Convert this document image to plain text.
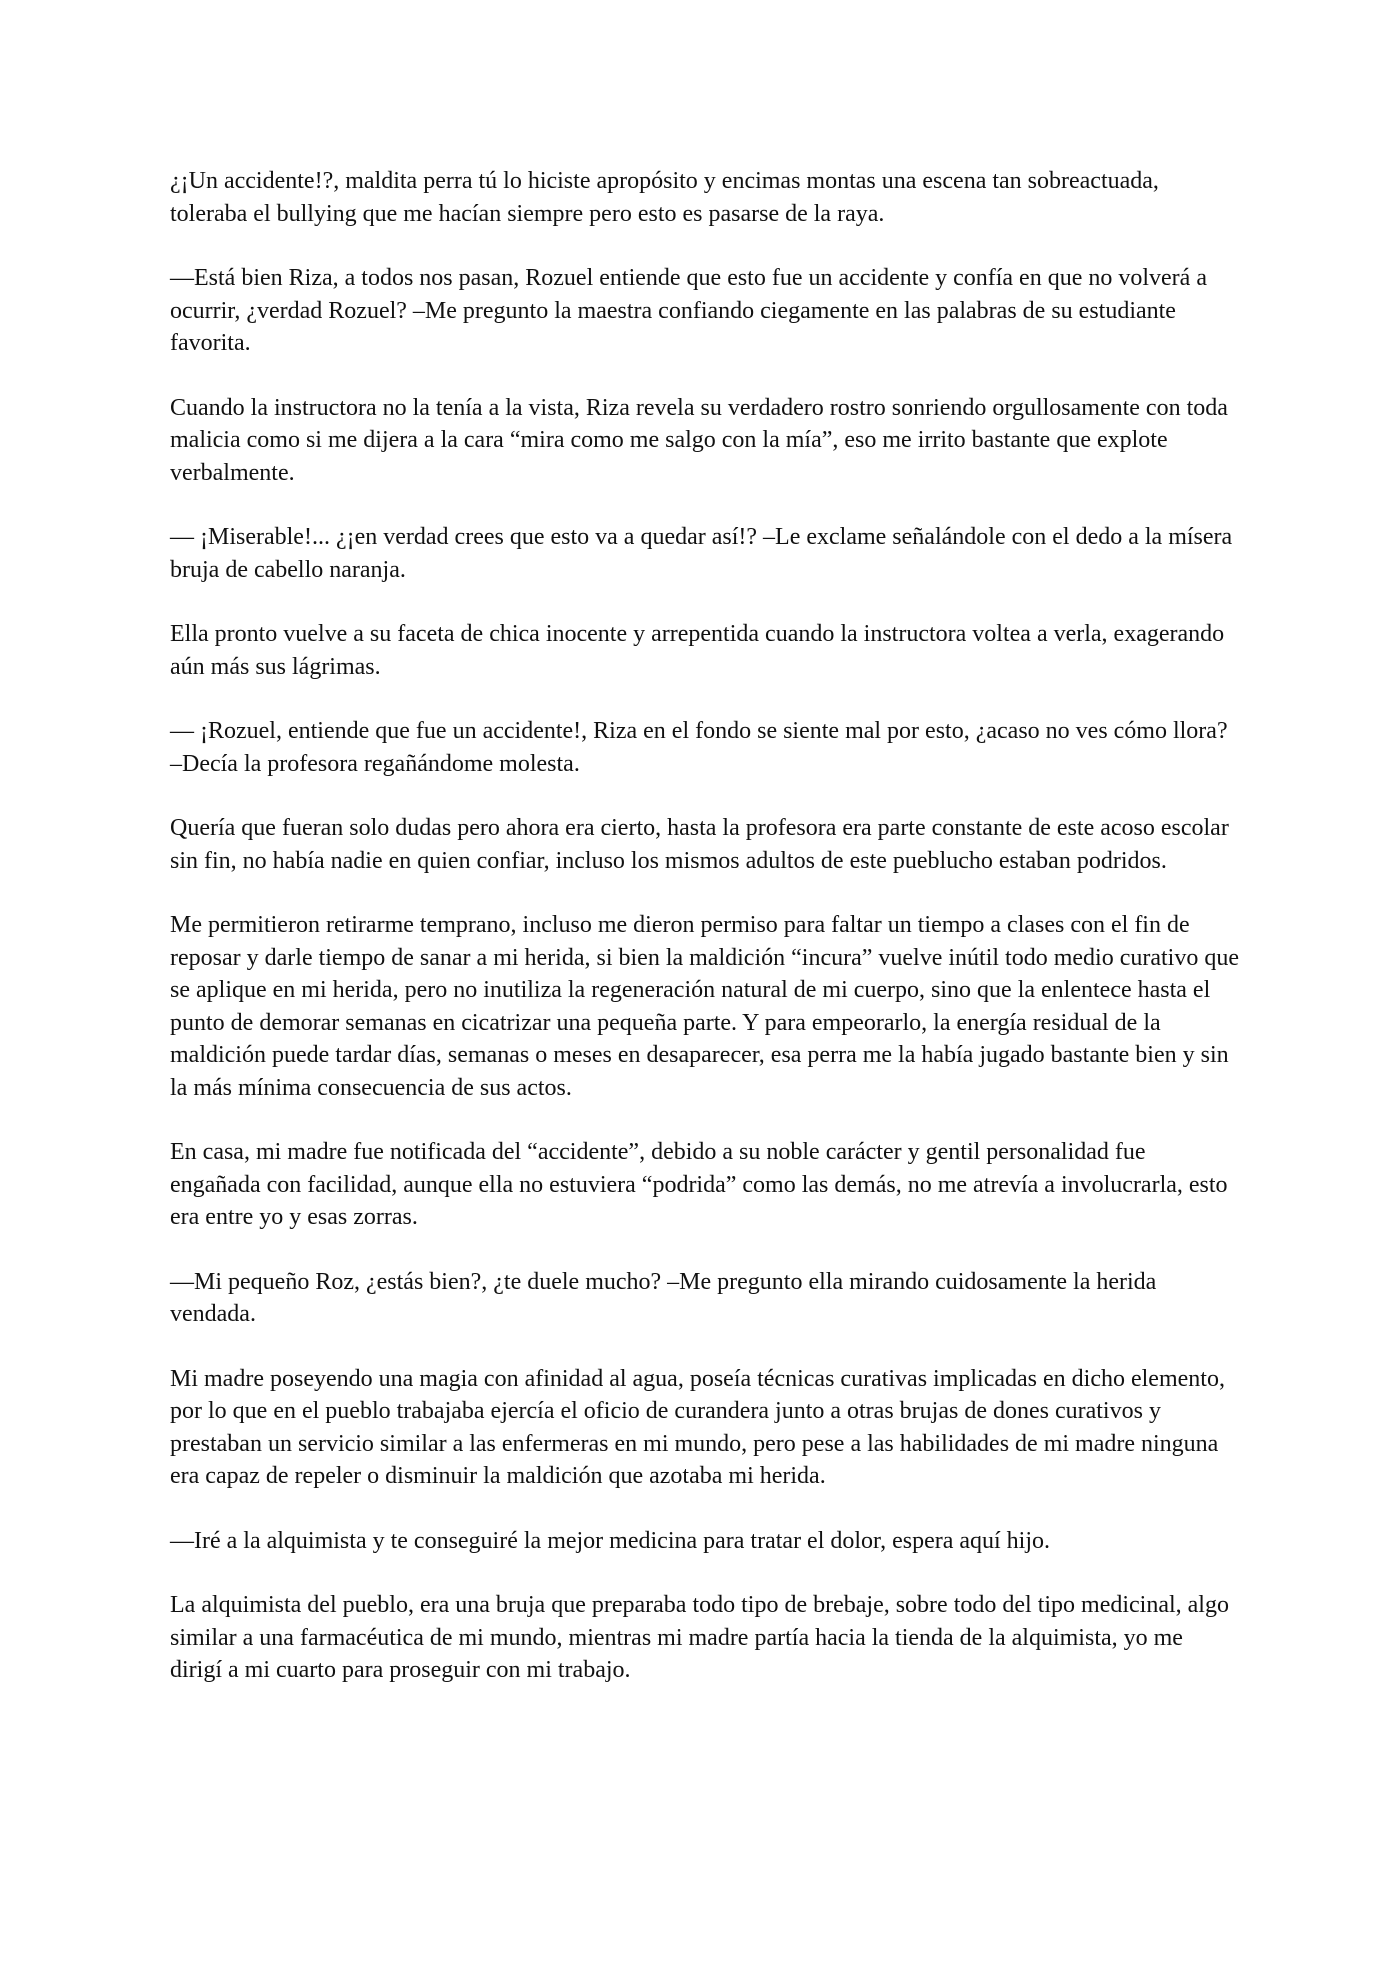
¿¡Un accidente!?, maldita perra tú lo hiciste apropósito y encimas montas una escena tan sobreactuada, toleraba el bullying que me hacían siempre pero esto es pasarse de la raya.

—Está bien Riza, a todos nos pasan, Rozuel entiende que esto fue un accidente y confía en que no volverá a ocurrir, ¿verdad Rozuel? –Me pregunto la maestra confiando ciegamente en las palabras de su estudiante favorita.

Cuando la instructora no la tenía a la vista, Riza revela su verdadero rostro sonriendo orgullosamente con toda malicia como si me dijera a la cara “mira como me salgo con la mía”, eso me irrito bastante que explote verbalmente.

— ¡Miserable!... ¿¡en verdad crees que esto va a quedar así!? –Le exclame señalándole con el dedo a la mísera bruja de cabello naranja.

Ella pronto vuelve a su faceta de chica inocente y arrepentida cuando la instructora voltea a verla, exagerando aún más sus lágrimas.

— ¡Rozuel, entiende que fue un accidente!, Riza en el fondo se siente mal por esto, ¿acaso no ves cómo llora? –Decía la profesora regañándome molesta.

Quería que fueran solo dudas pero ahora era cierto, hasta la profesora era parte constante de este acoso escolar sin fin, no había nadie en quien confiar, incluso los mismos adultos de este pueblucho estaban podridos.

Me permitieron retirarme temprano, incluso me dieron permiso para faltar un tiempo a clases con el fin de reposar y darle tiempo de sanar a mi herida, si bien la maldición “incura” vuelve inútil todo medio curativo que se aplique en mi herida, pero no inutiliza la regeneración natural de mi cuerpo, sino que la enlentece hasta el punto de demorar semanas en cicatrizar una pequeña parte. Y para empeorarlo, la energía residual de la maldición puede tardar días, semanas o meses en desaparecer, esa perra me la había jugado bastante bien y sin la más mínima consecuencia de sus actos.

En casa, mi madre fue notificada del “accidente”, debido a su noble carácter y gentil personalidad fue engañada con facilidad, aunque ella no estuviera “podrida” como las demás, no me atrevía a involucrarla, esto era entre yo y esas zorras.

—Mi pequeño Roz, ¿estás bien?, ¿te duele mucho? –Me pregunto ella mirando cuidosamente la herida vendada.

Mi madre poseyendo una magia con afinidad al agua, poseía técnicas curativas implicadas en dicho elemento, por lo que en el pueblo trabajaba ejercía el oficio de curandera junto a otras brujas de dones curativos y prestaban un servicio similar a las enfermeras en mi mundo, pero pese a las habilidades de mi madre ninguna era capaz de repeler o disminuir la maldición que azotaba mi herida.

—Iré a la alquimista y te conseguiré la mejor medicina para tratar el dolor, espera aquí hijo.

La alquimista del pueblo, era una bruja que preparaba todo tipo de brebaje, sobre todo del tipo medicinal, algo similar a una farmacéutica de mi mundo, mientras mi madre partía hacia la tienda de la alquimista, yo me dirigí a mi cuarto para proseguir con mi trabajo.
